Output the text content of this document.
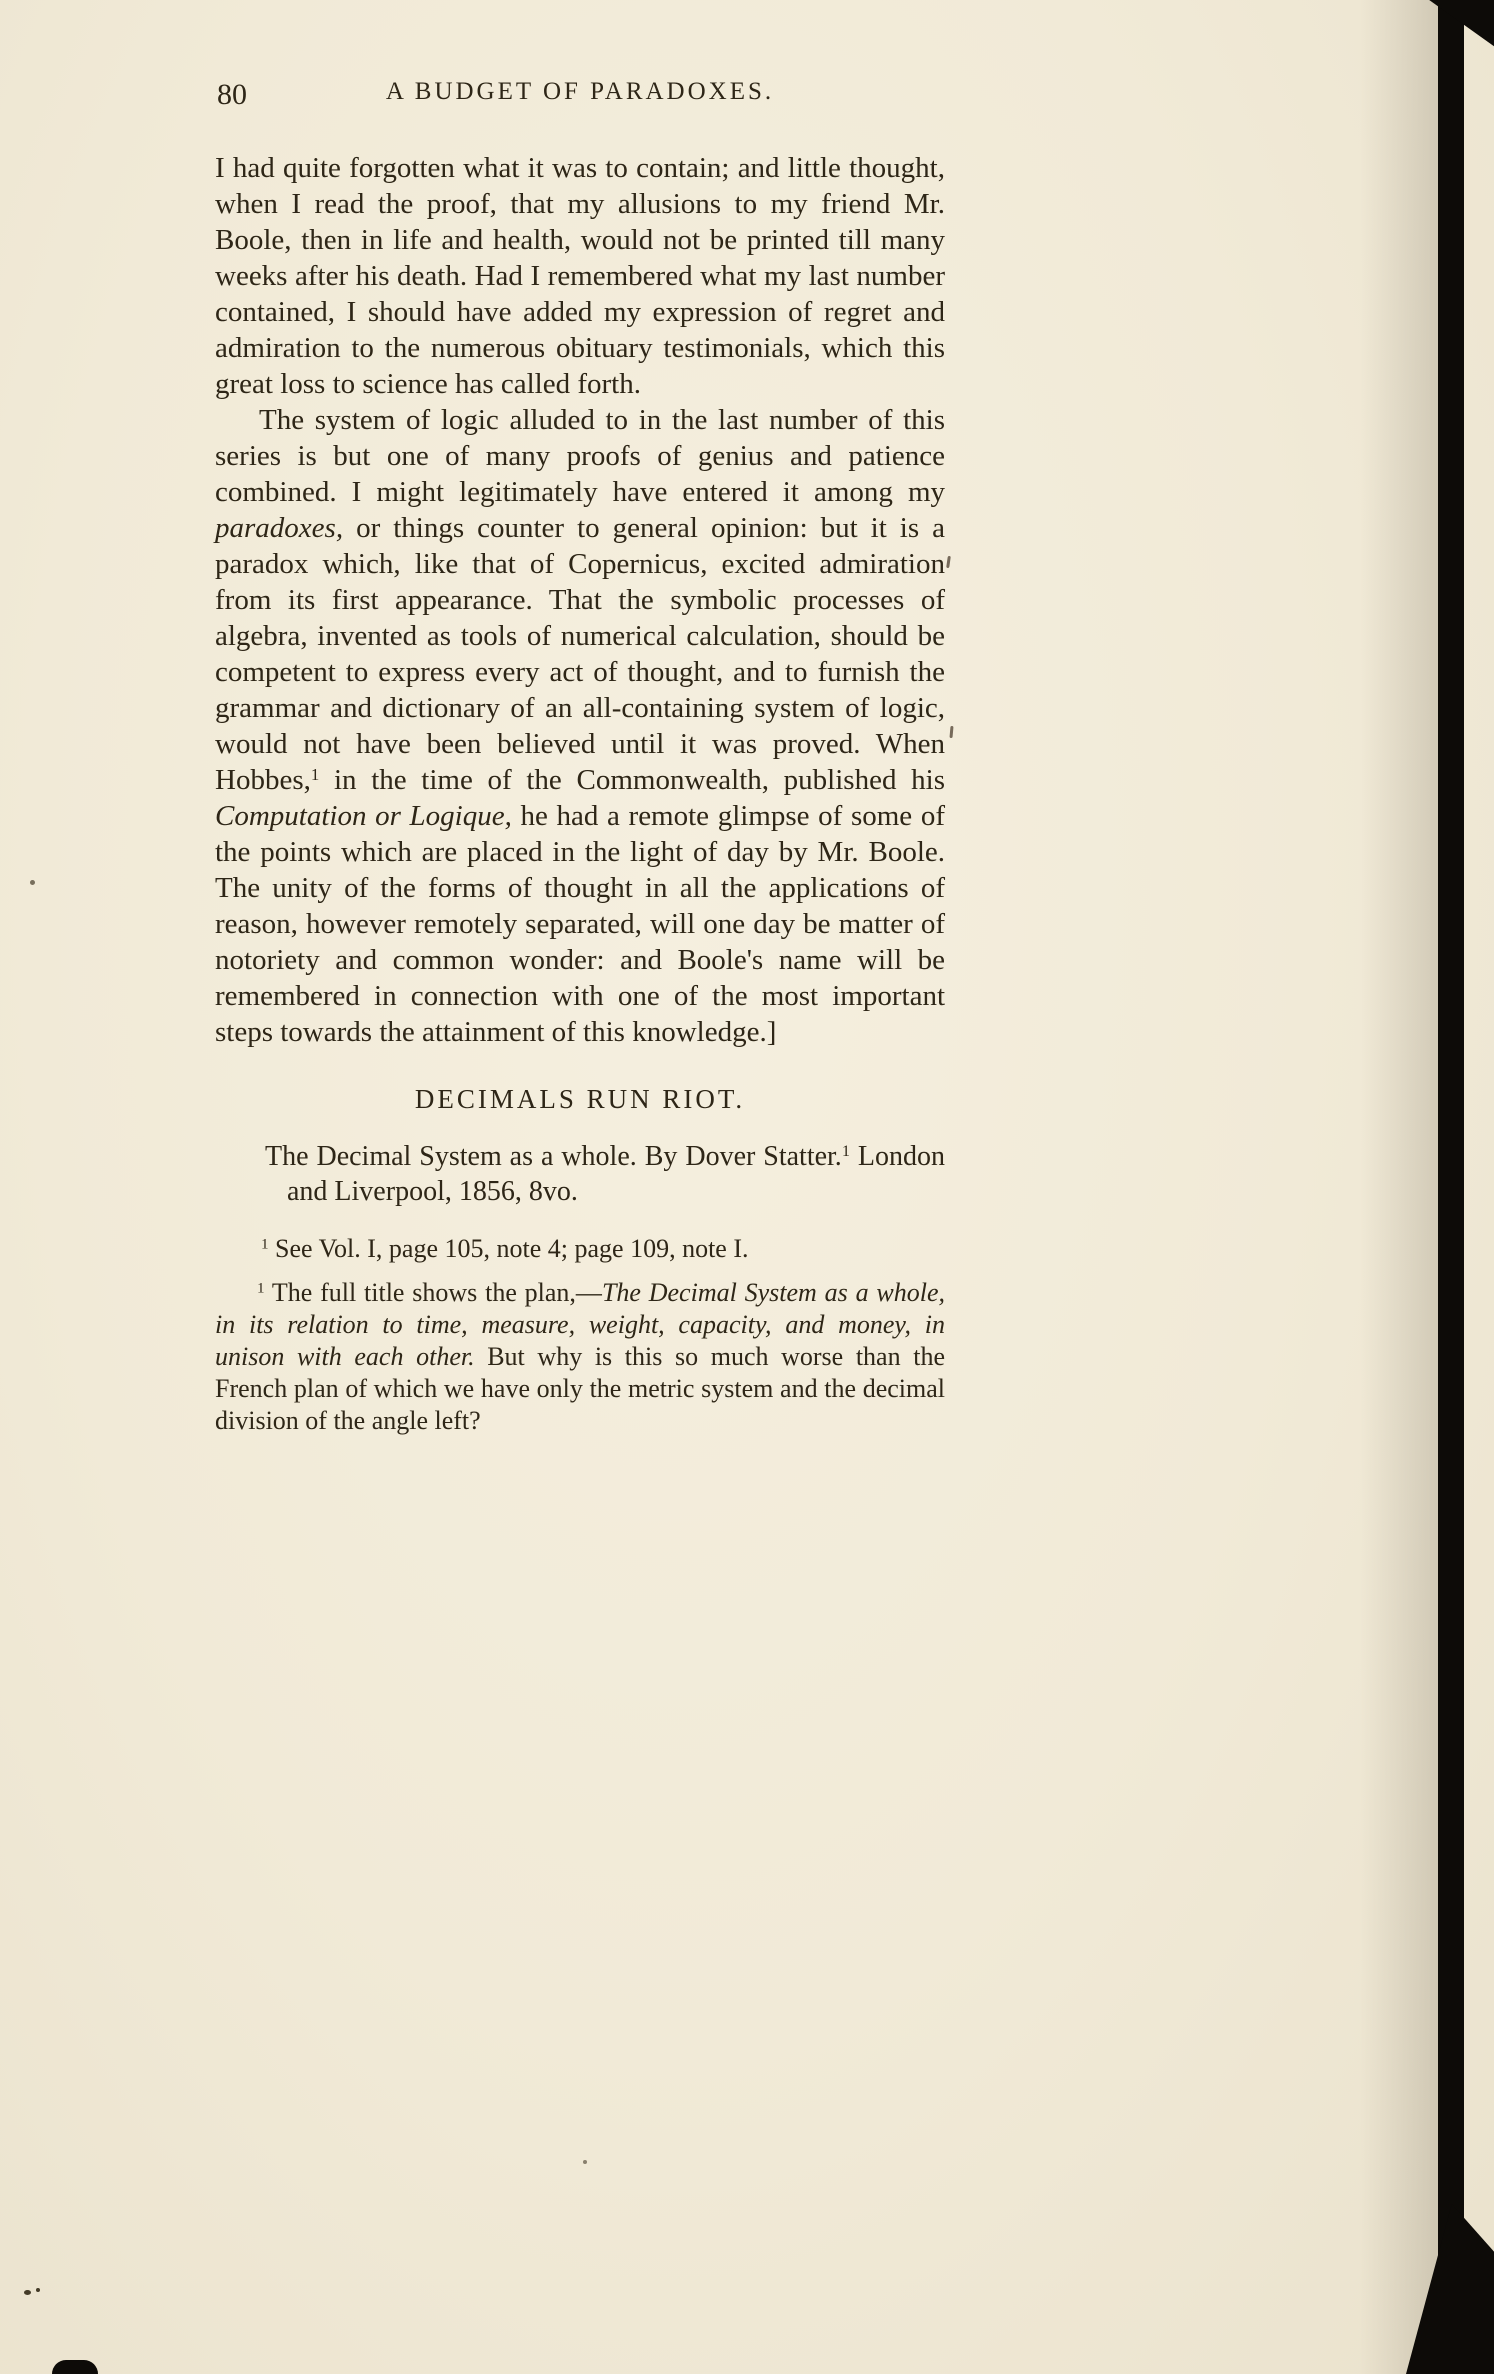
80	A BUDGET OF PARADOXES.

I had quite forgotten what it was to contain; and little thought, when I read the proof, that my allusions to my friend Mr. Boole, then in life and health, would not be printed till many weeks after his death. Had I remembered what my last number contained, I should have added my expression of regret and admiration to the numerous obituary testimonials, which this great loss to science has called forth.

The system of logic alluded to in the last number of this series is but one of many proofs of genius and patience combined. I might legitimately have entered it among my paradoxes, or things counter to general opinion: but it is a paradox which, like that of Copernicus, excited admiration from its first appearance. That the symbolic processes of algebra, invented as tools of numerical calculation, should be competent to express every act of thought, and to furnish the grammar and dictionary of an all-containing system of logic, would not have been believed until it was proved. When Hobbes,$^1$ in the time of the Commonwealth, published his Computation or Logique, he had a remote glimpse of some of the points which are placed in the light of day by Mr. Boole. The unity of the forms of thought in all the applications of reason, however remotely separated, will one day be matter of notoriety and common wonder: and Boole's name will be remembered in connection with one of the most important steps towards the attainment of this knowledge.]

DECIMALS RUN RIOT.

The Decimal System as a whole. By Dover Statter.$^1$ London and Liverpool, 1856, 8vo.

$^1$ See Vol. I, page 105, note 4; page 109, note I.

$^1$ The full title shows the plan,—The Decimal System as a whole, in its relation to time, measure, weight, capacity, and money, in unison with each other. But why is this so much worse than the French plan of which we have only the metric system and the decimal division of the angle left?
